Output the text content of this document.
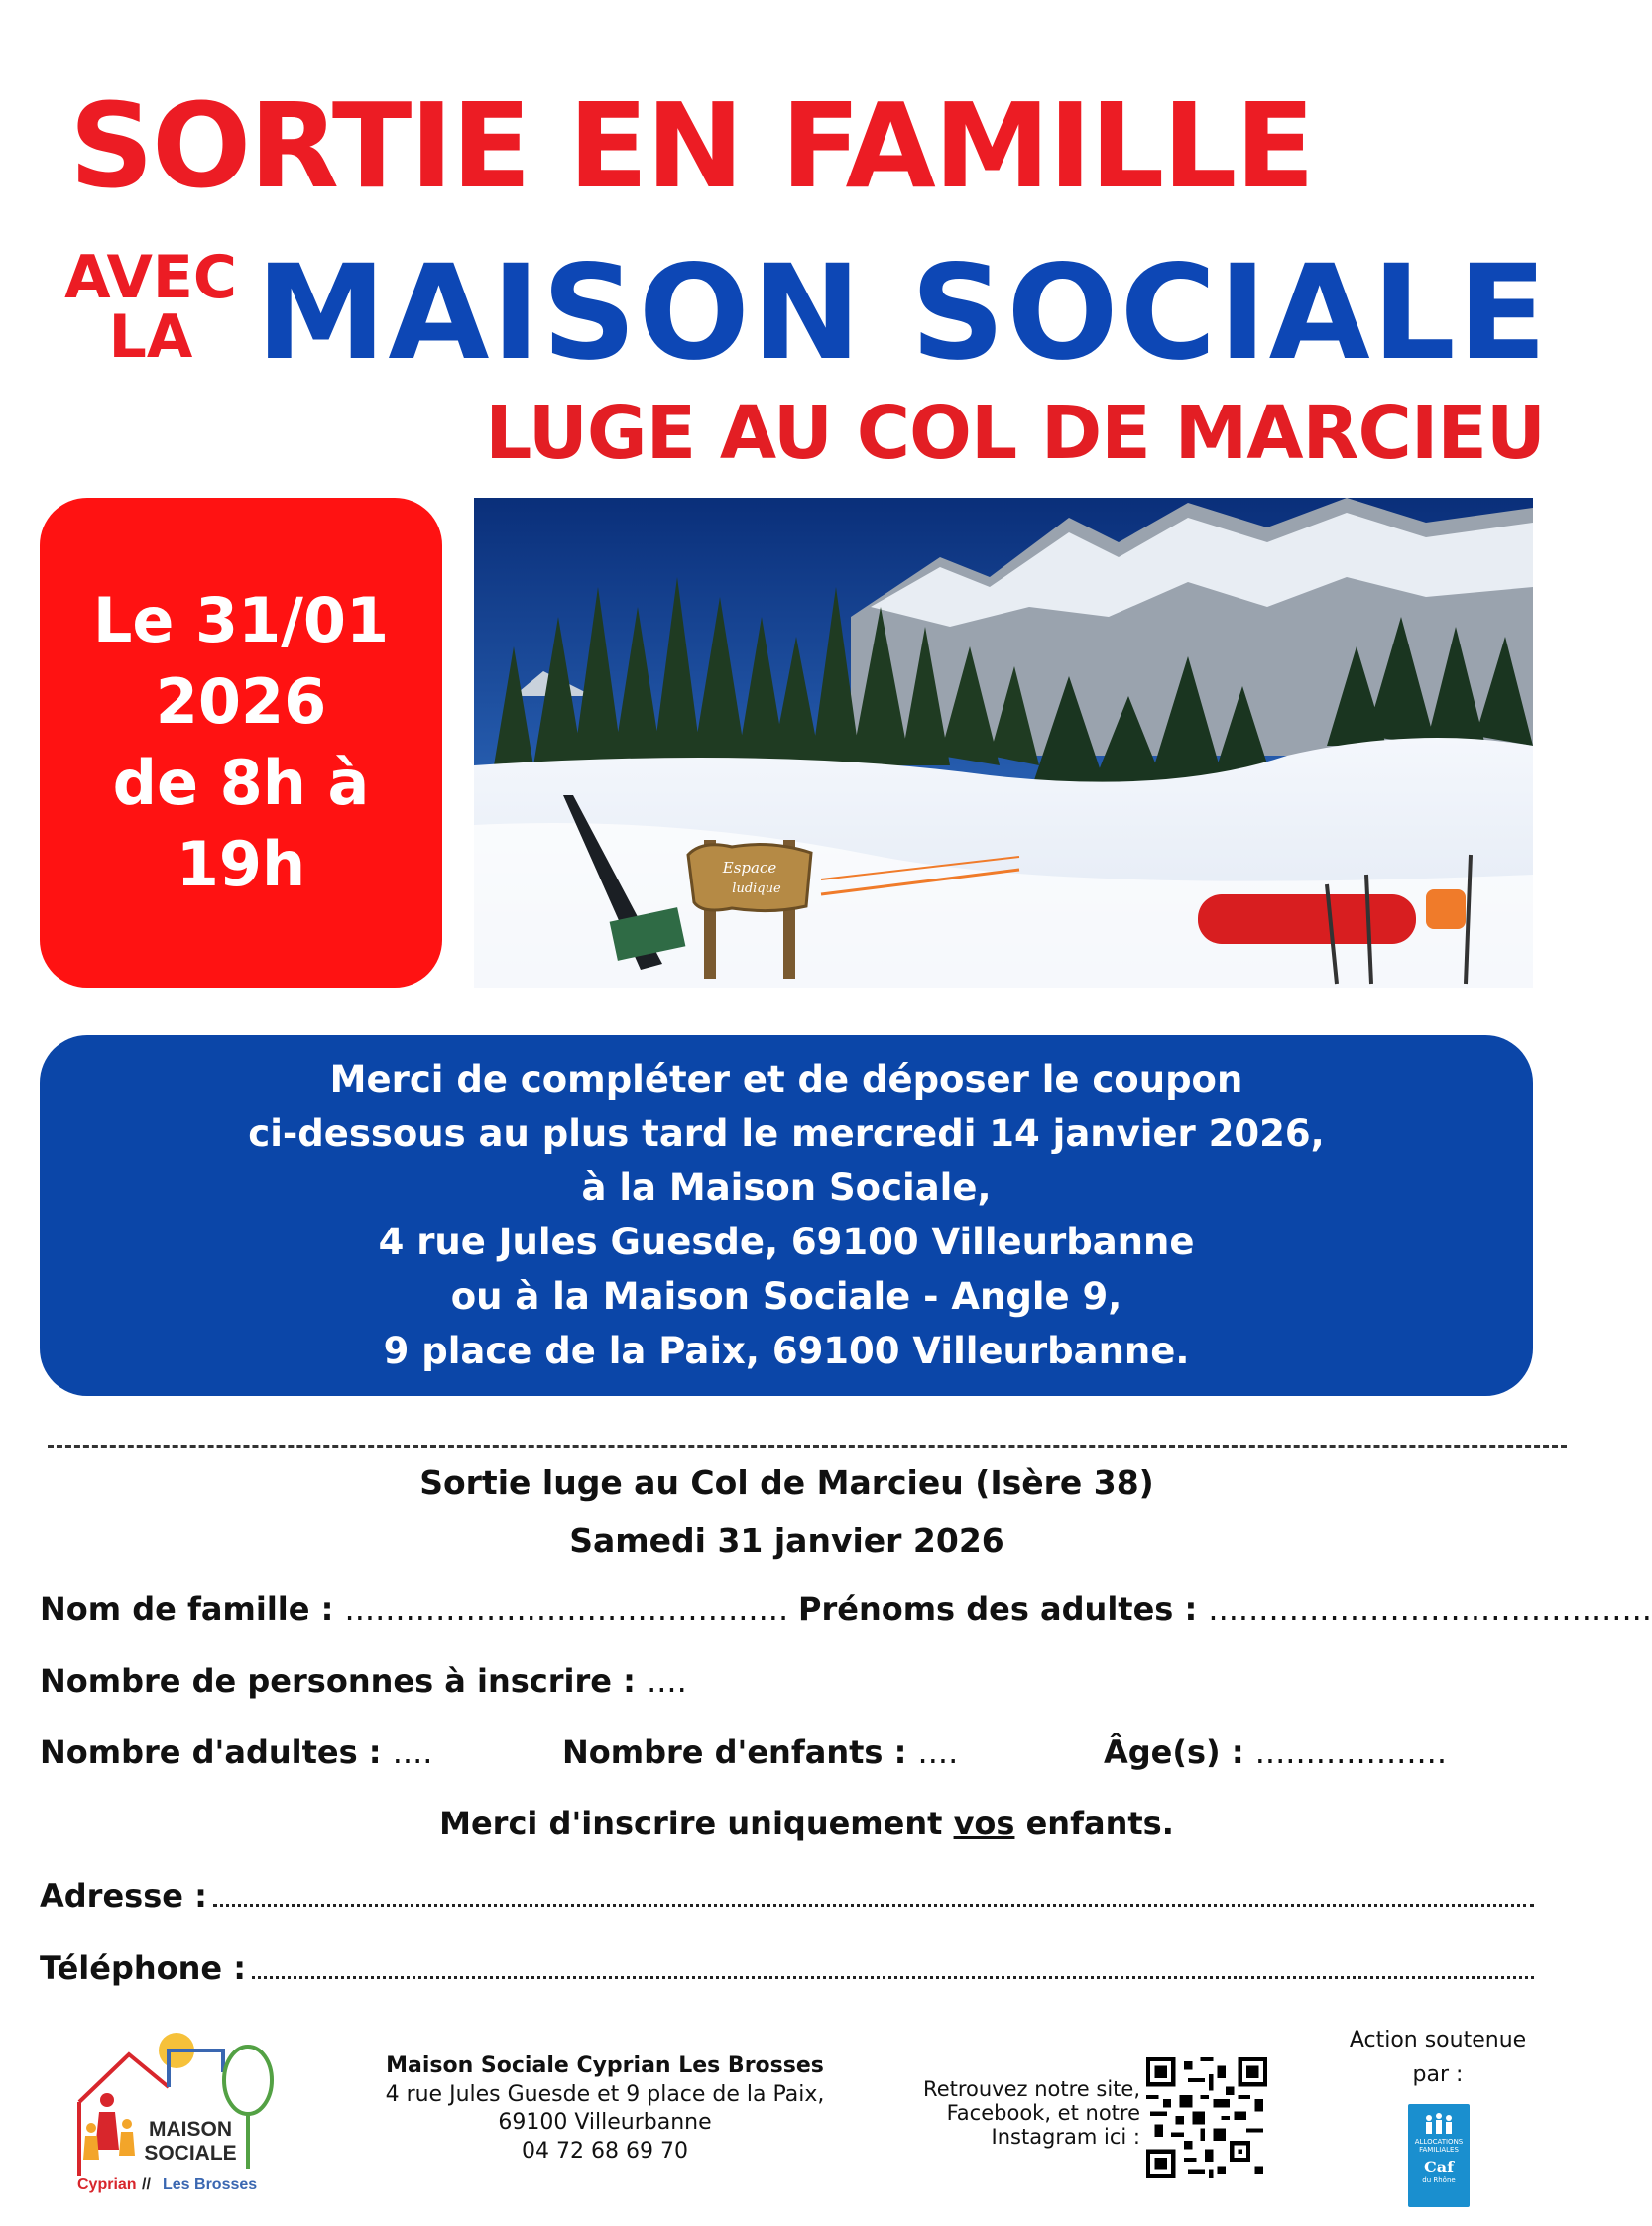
SORTIE EN FAMILLE
AVEC
LA MAISON SOCIALE
LUGE AU COL DE MARCIEU
Le 31/01
2026
de 8h à 19h	Espace
ludique
Merci de compléter et de déposer le coupon
ci-dessous au plus tard le mercredi 14 janvier 2026,
à la Maison Sociale,
4 rue Jules Guesde, 69100 Villeurbanne
ou à la Maison Sociale - Angle 9,
9 place de la Paix, 69100 Villeurbanne.
Sortie luge au Col de Marcieu (Isère 38)
Samedi 31 janvier 2026
Nom de famille : ............................................ Prénoms des adultes : ............................................
Nombre de personnes à inscrire : ....
Nombre d'adultes : ....	Nombre d'enfants : ....	Âge(s) : ...................
Merci d'inscrire uniquement vos enfants.
Adresse :
Téléphone :
MAISON
SOCIALE
Cyprian // Les Brosses
Maison Sociale Cyprian Les Brosses
4 rue Jules Guesde et 9 place de la Paix,
69100 Villeurbanne
04 72 68 69 70
Retrouvez notre site,
Facebook, et notre
Instagram ici :
Action soutenue
par :
ALLOCATIONS FAMILIALES
Caf
du Rhône
